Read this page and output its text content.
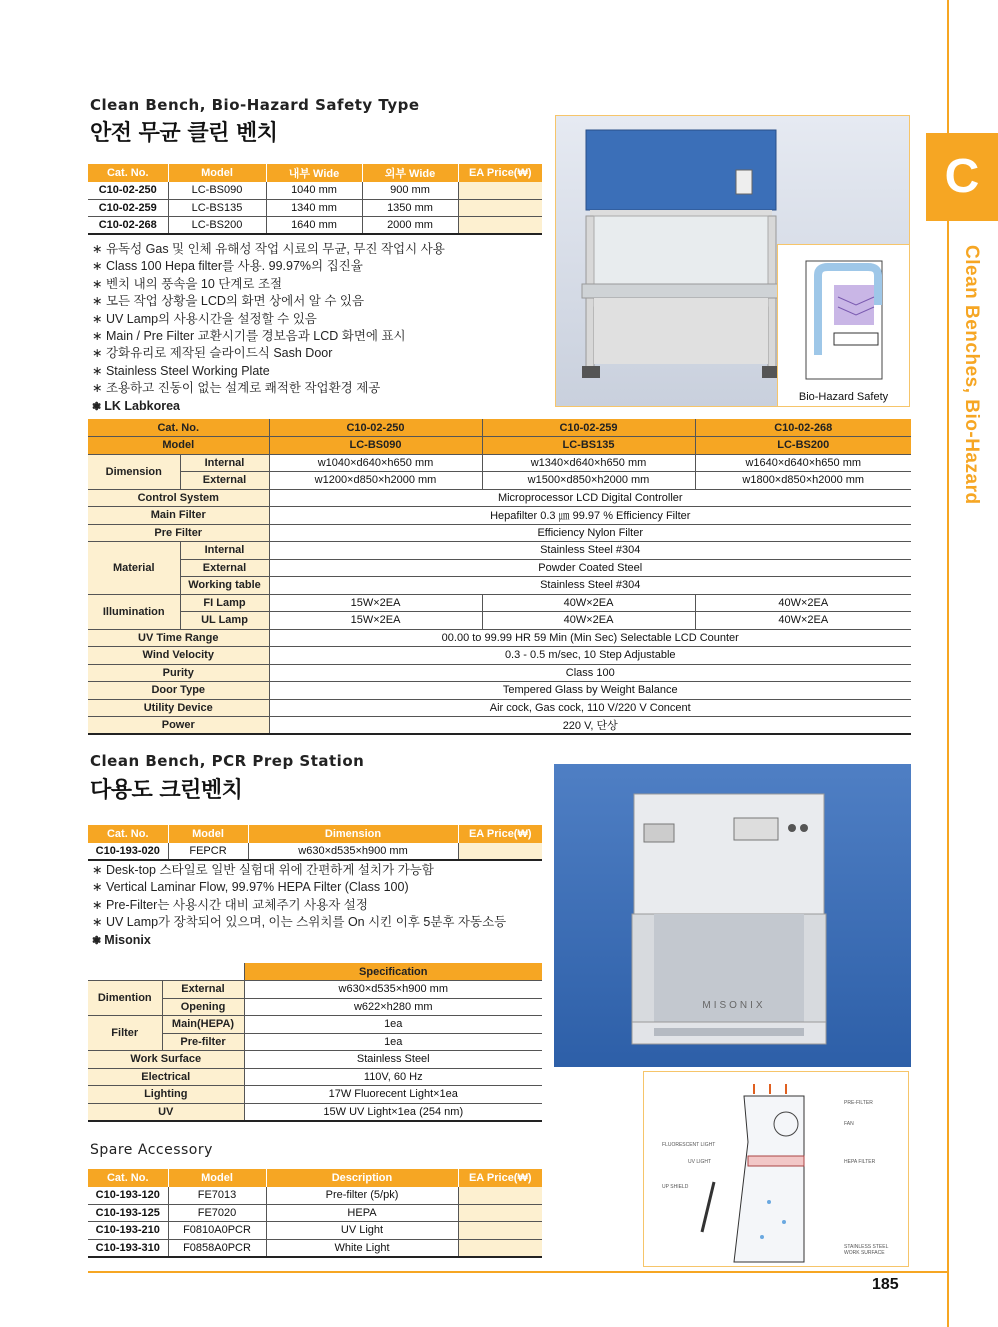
C
Clean Benches, Bio-Hazard
Clean Bench, Bio-Hazard Safety Type
안전 무균 클린 벤치
Cat. No.	Model	내부 Wide	외부 Wide	EA Price(₩)
C10-02-250	LC-BS090	1040 mm	900 mm	
C10-02-259	LC-BS135	1340 mm	1350 mm	
C10-02-268	LC-BS200	1640 mm	2000 mm	
∗ 유독성 Gas 및 인체 유해성 작업 시료의 무균, 무진 작업시 사용
∗ Class 100 Hepa filter를 사용. 99.97%의 집진율
∗ 벤치 내의 풍속을 10 단계로 조절
∗ 모든 작업 상황을 LCD의 화면 상에서 알 수 있음
∗ UV Lamp의 사용시간을 설정할 수 있음
∗ Main / Pre Filter 교환시기를 경보음과 LCD 화면에 표시
∗ 강화유리로 제작된 슬라이드식 Sash Door
∗ Stainless Steel Working Plate
∗ 조용하고 진동이 없는 설계로 쾌적한 작업환경 제공
❃ LK Labkorea
Bio-Hazard Safety
Cat. No.		C10-02-250	C10-02-259	C10-02-268
Model		LC-BS090	LC-BS135	LC-BS200
Dimension	Internal	w1040×d640×h650 mm	w1340×d640×h650 mm	w1640×d640×h650 mm
	External	w1200×d850×h2000 mm	w1500×d850×h2000 mm	w1800×d850×h2000 mm
Control System		Microprocessor LCD Digital Controller		
Main Filter		Hepafilter 0.3 ㎛ 99.97 % Efficiency Filter		
Pre Filter		Efficiency Nylon Filter		
Material	Internal	Stainless Steel #304		
	External	Powder Coated Steel		
	Working table	Stainless Steel #304		
Illumination	FI Lamp	15W×2EA	40W×2EA	40W×2EA
	UL Lamp	15W×2EA	40W×2EA	40W×2EA
UV Time Range		00.00 to 99.99 HR 59 Min (Min Sec) Selectable LCD Counter		
Wind Velocity		0.3 - 0.5 m/sec, 10 Step Adjustable		
Purity		Class 100		
Door Type		Tempered Glass by Weight Balance		
Utility Device		Air cock, Gas cock, 110 V/220 V Concent		
Power		220 V, 단상		
Clean Bench, PCR Prep Station
다용도 크린벤치
Cat. No.	Model	Dimension	EA Price(₩)
C10-193-020	FEPCR	w630×d535×h900 mm	
∗ Desk-top 스타일로 일반 실험대 위에 간편하게 설치가 가능함
∗ Vertical Laminar Flow, 99.97% HEPA Filter (Class 100)
∗ Pre-Filter는 사용시간 대비 교체주기 사용자 설정
∗ UV Lamp가 장착되어 있으며, 이는 스위치를 On 시킨 이후 5분후 자동소등
❃ Misonix
MISONIX
		Specification
Dimention	External	w630×d535×h900 mm
	Opening	w622×h280 mm
Filter	Main(HEPA)	1ea
	Pre-filter	1ea
Work Surface		Stainless Steel
Electrical		110V, 60 Hz
Lighting		17W Fluorecent Light×1ea
UV		15W UV Light×1ea (254 nm)
Spare Accessory
Cat. No.	Model	Description	EA Price(₩)
C10-193-120	FE7013	Pre-filter (5/pk)	
C10-193-125	FE7020	HEPA	
C10-193-210	F0810A0PCR	UV Light	
C10-193-310	F0858A0PCR	White Light	
PRE-FILTER
FAN
FLUORESCENT LIGHT
UV LIGHT	HEPA FILTER
UP SHIELD
STAINLESS STEEL WORK SURFACE
185
